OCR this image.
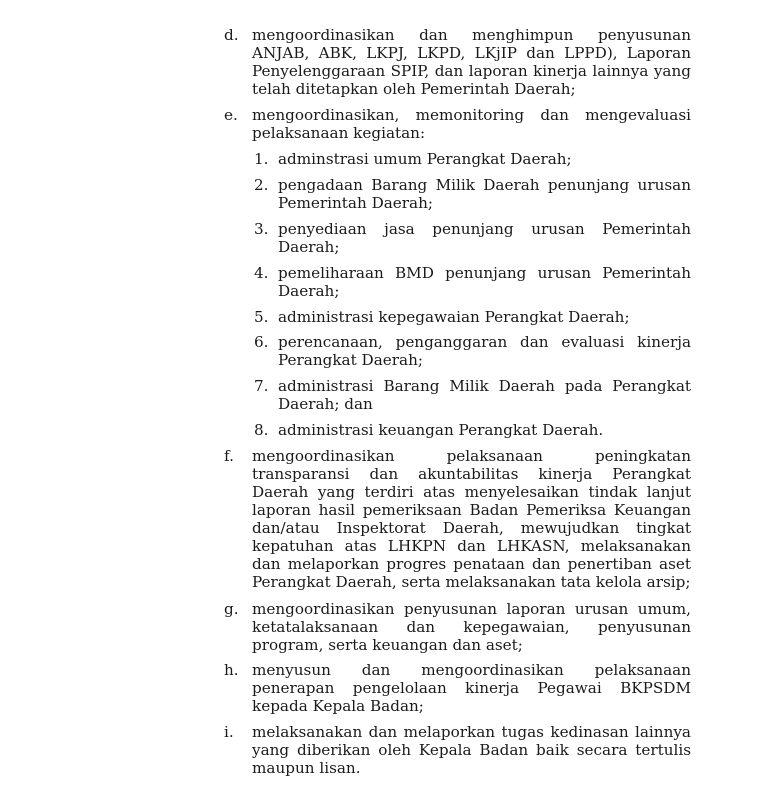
d. mengoordinasikan dan menghimpun penyusunan ANJAB, ABK, LKPJ, LKPD, LKjIP dan LPPD), Laporan Penyelenggaraan SPIP, dan laporan kinerja lainnya yang telah ditetapkan oleh Pemerintah Daerah;
e. mengoordinasikan, memonitoring dan mengevaluasi pelaksanaan kegiatan:
1. adminstrasi umum Perangkat Daerah;
2. pengadaan Barang Milik Daerah penunjang urusan Pemerintah Daerah;
3. penyediaan jasa penunjang urusan Pemerintah Daerah;
4. pemeliharaan BMD penunjang urusan Pemerintah Daerah;
5. administrasi kepegawaian Perangkat Daerah;
6. perencanaan, penganggaran dan evaluasi kinerja Perangkat Daerah;
7. administrasi Barang Milik Daerah pada Perangkat Daerah; dan
8. administrasi keuangan Perangkat Daerah.
f.	mengoordinasikan pelaksanaan peningkatan transparansi dan akuntabilitas kinerja Perangkat Daerah yang terdiri atas menyelesaikan tindak lanjut laporan hasil pemeriksaan Badan Pemeriksa Keuangan dan/atau Inspektorat Daerah, mewujudkan tingkat kepatuhan atas LHKPN dan LHKASN, melaksanakan dan melaporkan progres penataan dan penertiban aset Perangkat Daerah, serta melaksanakan tata kelola arsip;
g. mengoordinasikan penyusunan laporan urusan umum, ketatalaksanaan dan kepegawaian, penyusunan program, serta keuangan dan aset;
h. menyusun dan mengoordinasikan pelaksanaan penerapan pengelolaan kinerja Pegawai BKPSDM kepada Kepala Badan;
i.	melaksanakan dan melaporkan tugas kedinasan lainnya yang diberikan oleh Kepala Badan baik secara tertulis maupun lisan.
